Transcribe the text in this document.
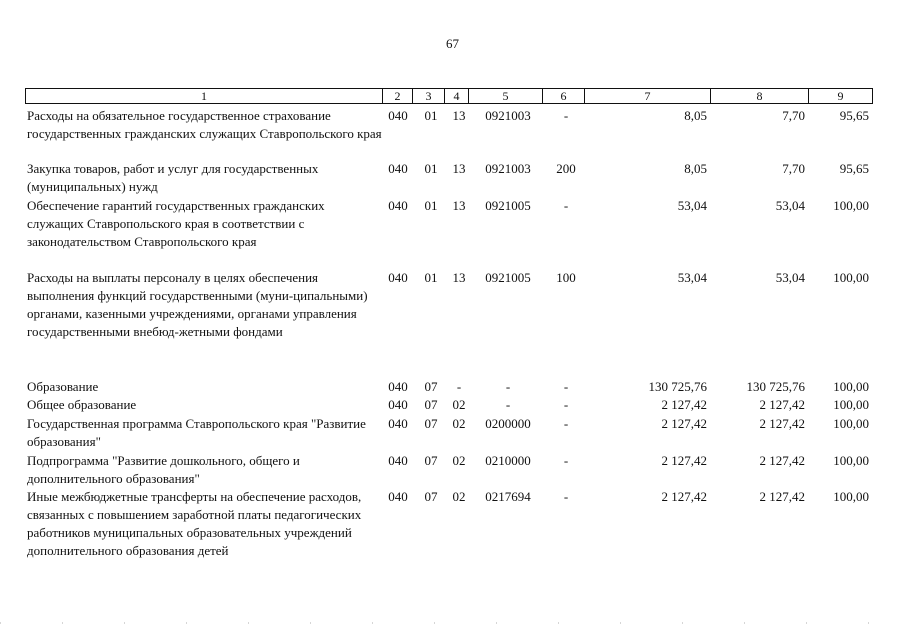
67
1	2	3	4	5	6	7	8	9
Расходы на обязательное государственное страхование государственных гражданских служащих Ставропольского края
040	01	13	0921003	-	8,05	7,70	95,65
Закупка товаров, работ и услуг для государственных (муниципальных) нужд
040	01	13	0921003	200	8,05	7,70	95,65
Обеспечение гарантий государственных гражданских служащих Ставропольского края в соответствии с законодательством Ставропольского края
040	01	13	0921005	-	53,04	53,04	100,00
Расходы на выплаты персоналу в целях обеспечения выполнения функций государственными (муни-ципальными) органами, казенными учреждениями, органами управления государственными внебюд-жетными фондами
040	01	13	0921005	100	53,04	53,04	100,00
Образование	040	07	-	-	-	130 725,76	130 725,76	100,00
Общее образование	040	07	02	-	-	2 127,42	2 127,42	100,00
Государственная программа Ставропольского края "Развитие образования"
040	07	02	0200000	-	2 127,42	2 127,42	100,00
Подпрограмма "Развитие дошкольного, общего и дополнительного образования"
040	07	02	0210000	-	2 127,42	2 127,42	100,00
Иные межбюджетные трансферты на обеспечение расходов, связанных с повышением заработной платы педагогических работников муниципальных образовательных учреждений дополнительного образования детей
040	07	02	0217694	-	2 127,42	2 127,42	100,00
